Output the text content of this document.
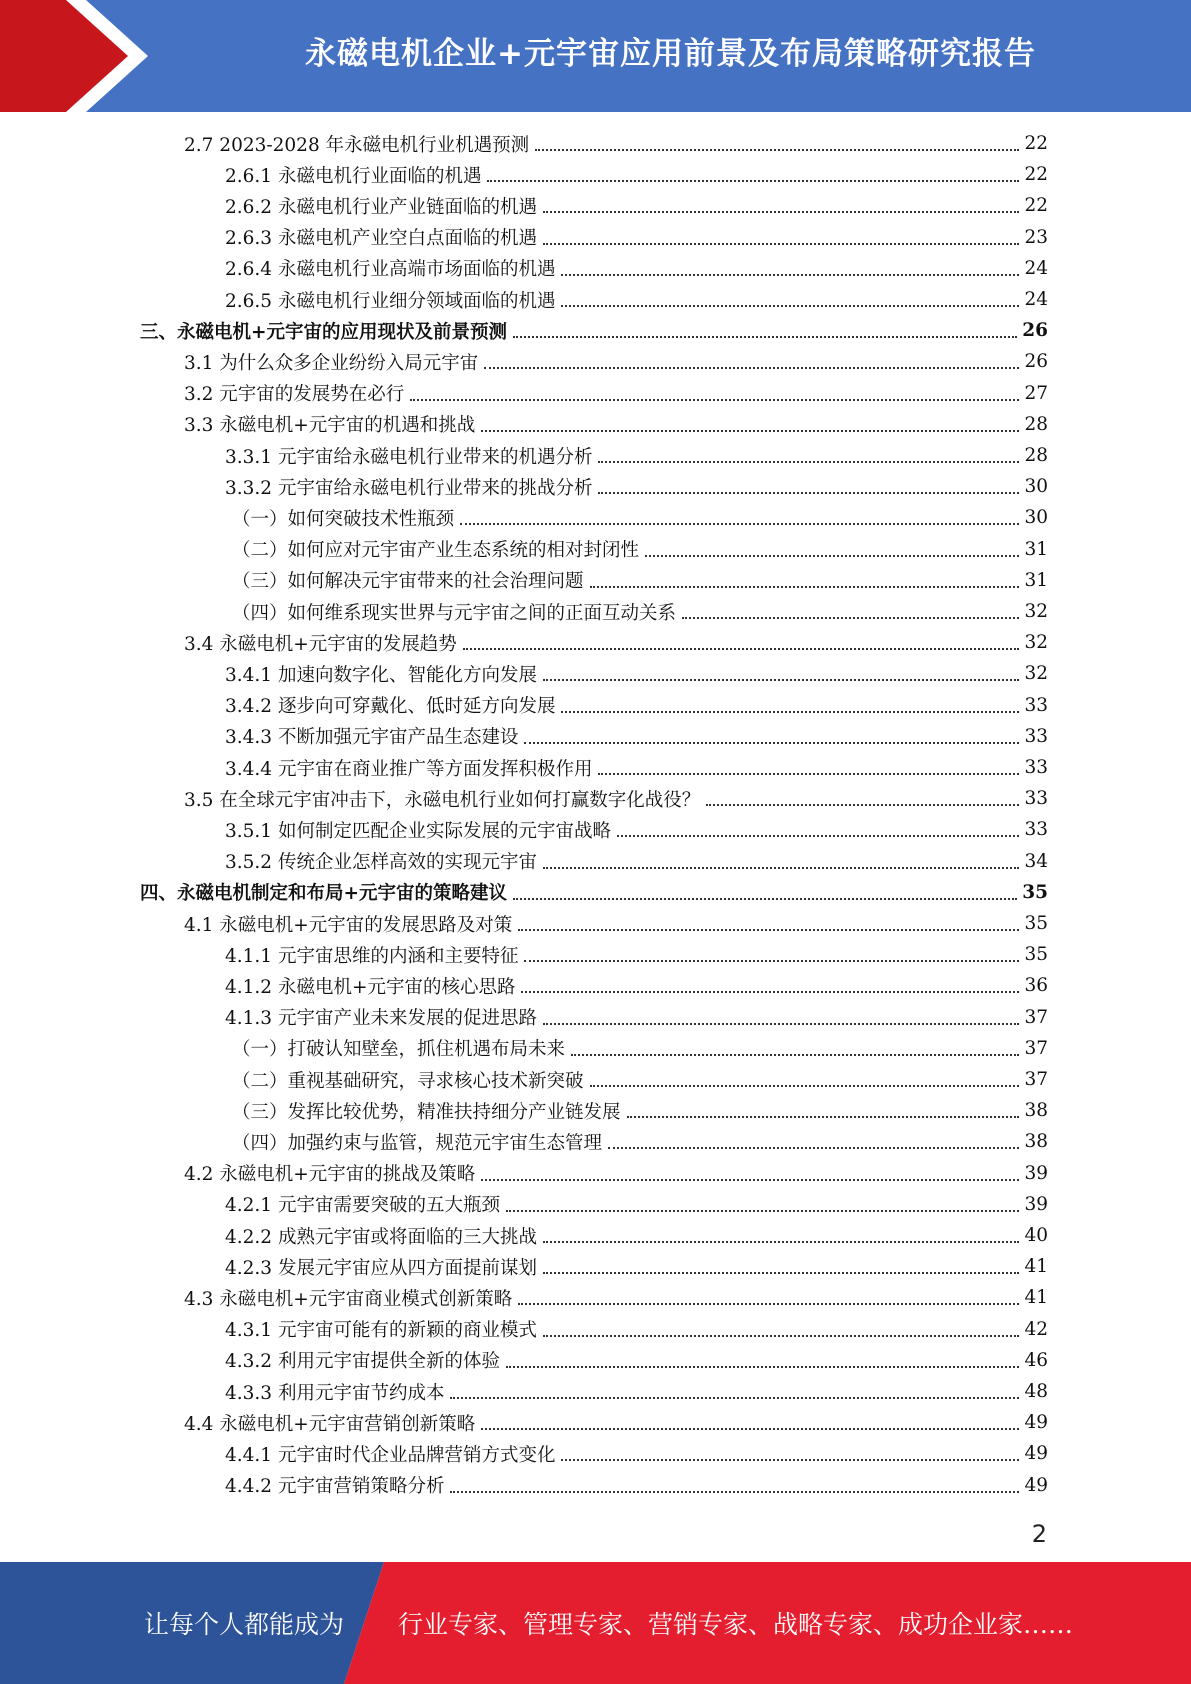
永磁电机企业+元宇宙应用前景及布局策略研究报告
2.7 2023-2028 年永磁电机行业机遇预测	22
2.6.1 永磁电机行业面临的机遇	22
2.6.2 永磁电机行业产业链面临的机遇	22
2.6.3 永磁电机产业空白点面临的机遇	23
2.6.4 永磁电机行业高端市场面临的机遇	24
2.6.5 永磁电机行业细分领域面临的机遇	24
三、永磁电机+元宇宙的应用现状及前景预测	26
3.1 为什么众多企业纷纷入局元宇宙	26
3.2 元宇宙的发展势在必行	27
3.3 永磁电机+元宇宙的机遇和挑战	28
3.3.1 元宇宙给永磁电机行业带来的机遇分析	28
3.3.2 元宇宙给永磁电机行业带来的挑战分析	30
（一）如何突破技术性瓶颈	30
（二）如何应对元宇宙产业生态系统的相对封闭性	31
（三）如何解决元宇宙带来的社会治理问题	31
（四）如何维系现实世界与元宇宙之间的正面互动关系	32
3.4 永磁电机+元宇宙的发展趋势	32
3.4.1 加速向数字化、智能化方向发展	32
3.4.2 逐步向可穿戴化、低时延方向发展	33
3.4.3 不断加强元宇宙产品生态建设	33
3.4.4 元宇宙在商业推广等方面发挥积极作用	33
3.5 在全球元宇宙冲击下，永磁电机行业如何打赢数字化战役？	33
3.5.1 如何制定匹配企业实际发展的元宇宙战略	33
3.5.2 传统企业怎样高效的实现元宇宙	34
四、永磁电机制定和布局+元宇宙的策略建议	35
4.1 永磁电机+元宇宙的发展思路及对策	35
4.1.1 元宇宙思维的内涵和主要特征	35
4.1.2 永磁电机+元宇宙的核心思路	36
4.1.3 元宇宙产业未来发展的促进思路	37
（一）打破认知壁垒，抓住机遇布局未来	37
（二）重视基础研究，寻求核心技术新突破	37
（三）发挥比较优势，精准扶持细分产业链发展	38
（四）加强约束与监管，规范元宇宙生态管理	38
4.2 永磁电机+元宇宙的挑战及策略	39
4.2.1 元宇宙需要突破的五大瓶颈	39
4.2.2 成熟元宇宙或将面临的三大挑战	40
4.2.3 发展元宇宙应从四方面提前谋划	41
4.3 永磁电机+元宇宙商业模式创新策略	41
4.3.1 元宇宙可能有的新颖的商业模式	42
4.3.2 利用元宇宙提供全新的体验	46
4.3.3 利用元宇宙节约成本	48
4.4 永磁电机+元宇宙营销创新策略	49
4.4.1 元宇宙时代企业品牌营销方式变化	49
4.4.2 元宇宙营销策略分析	49
2
让每个人都能成为 行业专家、管理专家、营销专家、战略专家、成功企业家……
